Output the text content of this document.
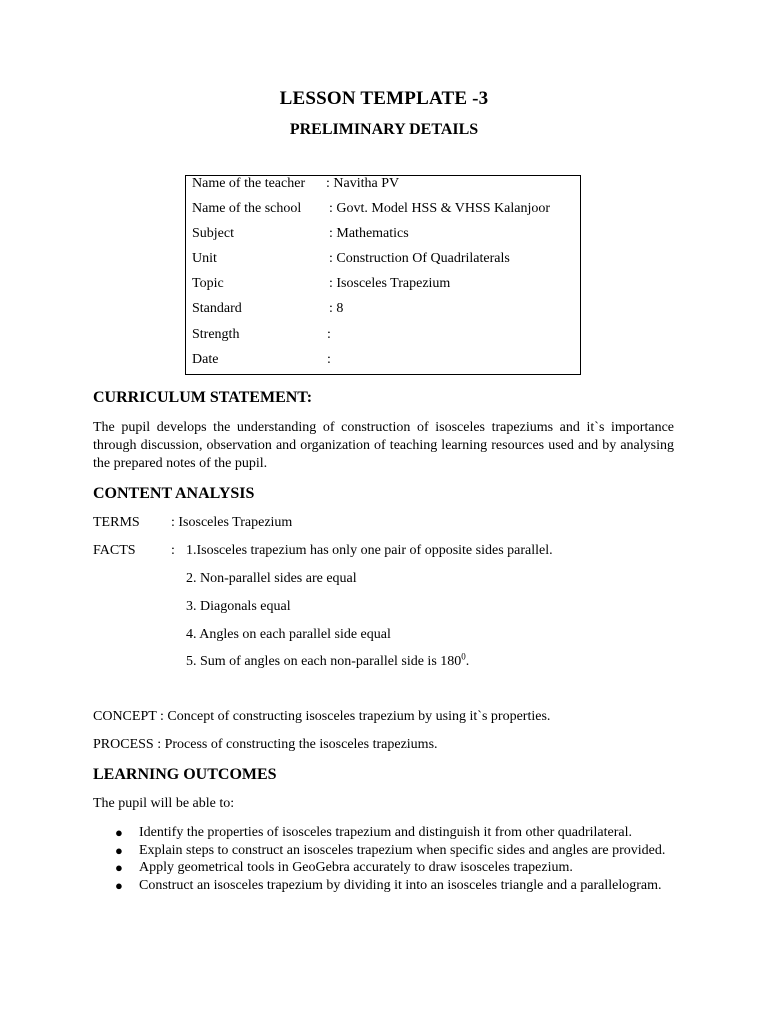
LESSON TEMPLATE -3
PRELIMINARY DETAILS
Name of the teacher : Navitha PV
Name of the school : Govt. Model HSS & VHSS Kalanjoor
Subject	: Mathematics
Unit	: Construction Of Quadrilaterals
Topic	: Isosceles Trapezium
Standard	: 8
Strength	:
Date	:
CURRICULUM STATEMENT:
The pupil develops the understanding of construction of isosceles trapeziums and it`s importance through discussion, observation and organization of teaching learning resources used and by analysing the prepared notes of the pupil.
CONTENT ANALYSIS
TERMS : Isosceles Trapezium
FACTS	: 1.Isosceles trapezium has only one pair of opposite sides parallel.
2. Non-parallel sides are equal
3. Diagonals equal
4. Angles on each parallel side equal
5. Sum of angles on each non-parallel side is $180^0$.
CONCEPT : Concept of constructing isosceles trapezium by using it`s properties.
PROCESS : Process of constructing the isosceles trapeziums.
LEARNING OUTCOMES
The pupil will be able to:
● Identify the properties of isosceles trapezium and distinguish it from other quadrilateral.
● Explain steps to construct an isosceles trapezium when specific sides and angles are provided.
● Apply geometrical tools in GeoGebra accurately to draw isosceles trapezium.
● Construct an isosceles trapezium by dividing it into an isosceles triangle and a parallelogram.
